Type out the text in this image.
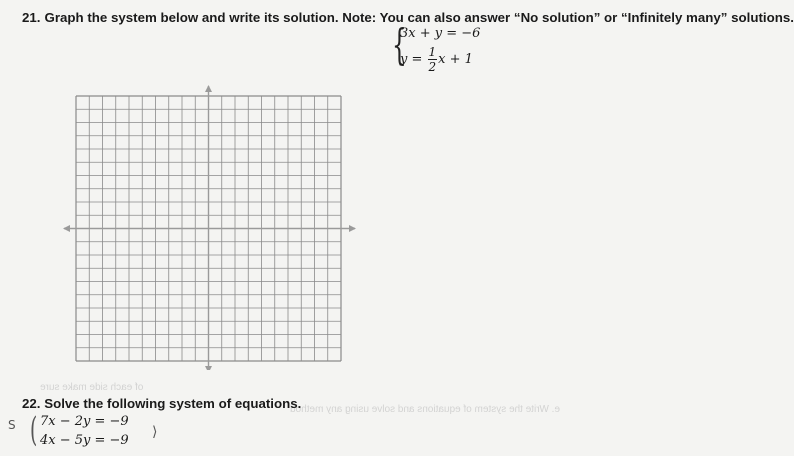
of each side make sure
e. Write the system of equations and solve using any method
21. Graph the system below and write its solution. Note: You can also answer “No solution” or “Infinitely many” solutions.
{
3x + y = −6
$y = \frac{1}{2}$ x + 1
22. Solve the following system of equations.
S ( 7x − 2y = −9
4x − 5y = −9
⟩
